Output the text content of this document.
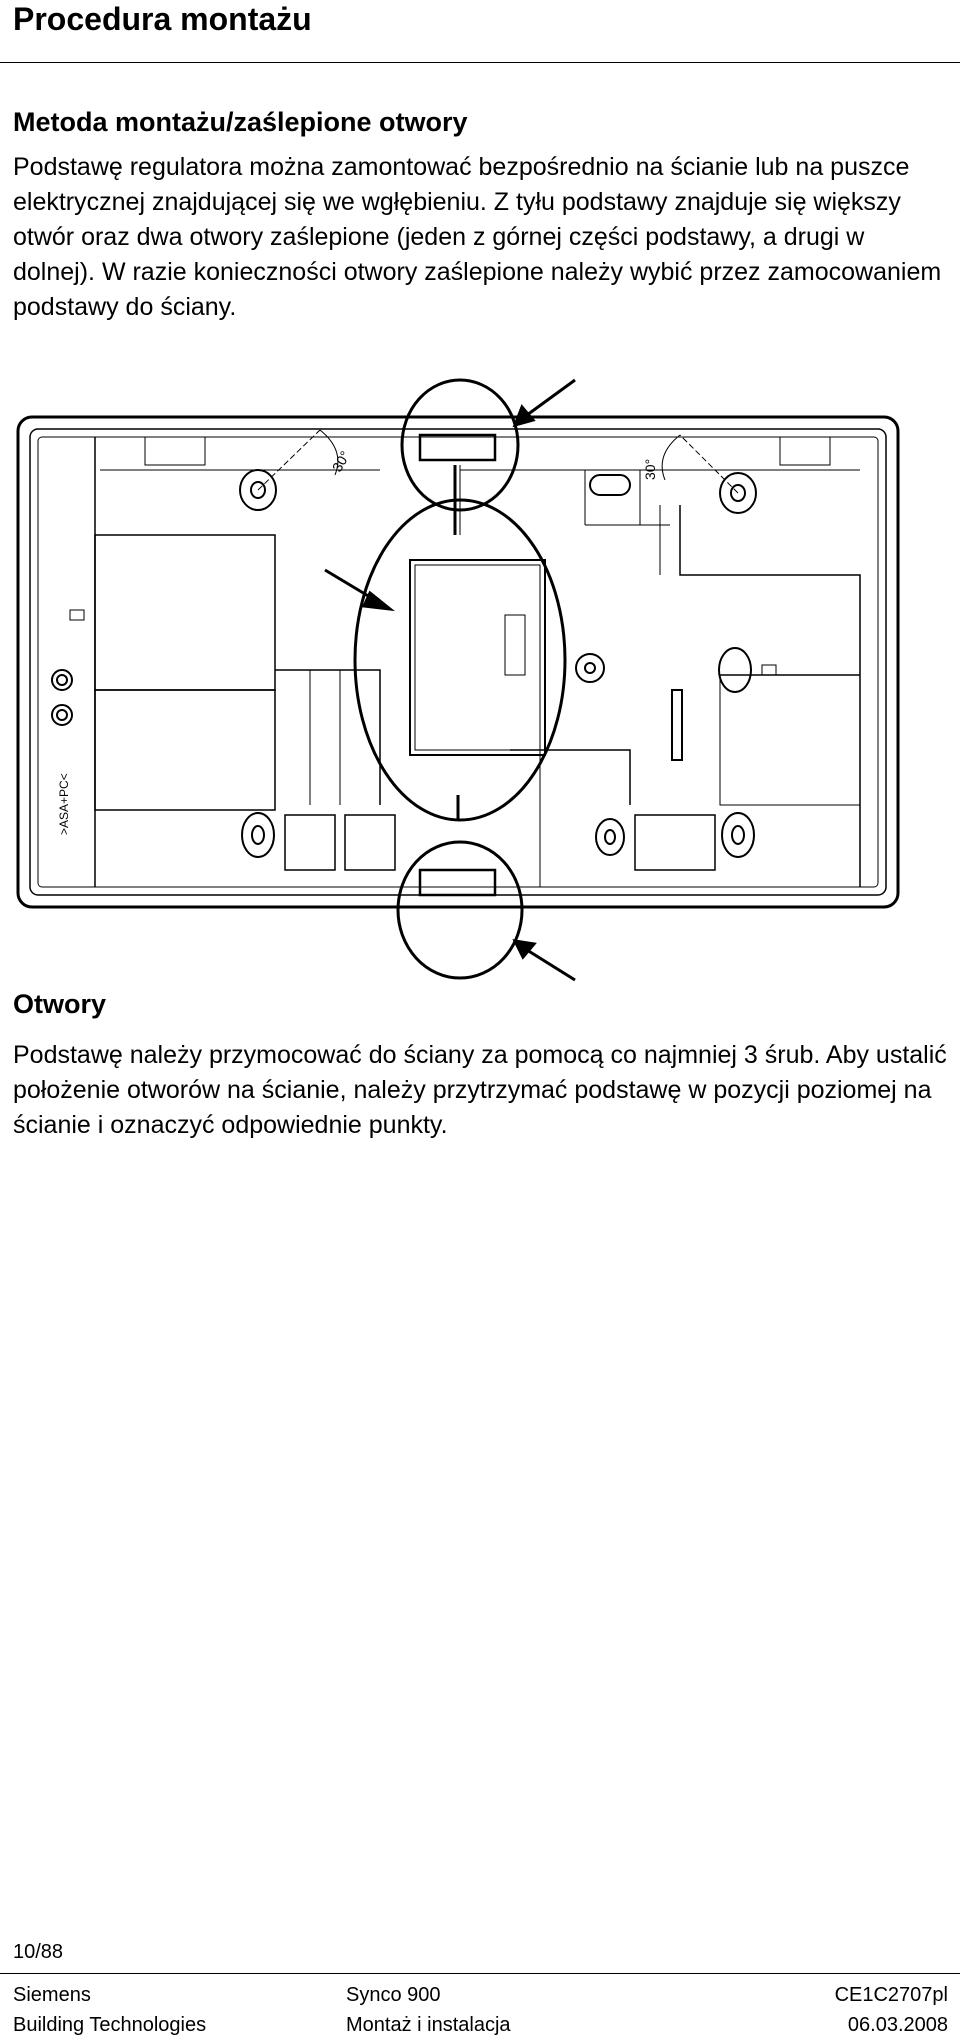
Procedura montażu
Metoda montażu/zaślepione otwory

Podstawę regulatora można zamontować bezpośrednio na ścianie lub na puszce elektrycznej znajdującej się we wgłębieniu. Z tyłu podstawy znajduje się większy otwór oraz dwa otwory zaślepione (jeden z górnej części podstawy, a drugi w dolnej). W razie konieczności otwory zaślepione należy wybić przez zamocowaniem podstawy do ściany.

30°	30°
>ASA+PC<
Otwory

Podstawę należy przymocować do ściany za pomocą co najmniej 3 śrub. Aby ustalić położenie otworów na ścianie, należy przytrzymać podstawę w pozycji poziomej na ścianie i oznaczyć odpowiednie punkty.

10/88
Siemens
Building Technologies
Synco 900
Montaż i instalacja
CE1C2707pl
06.03.2008
